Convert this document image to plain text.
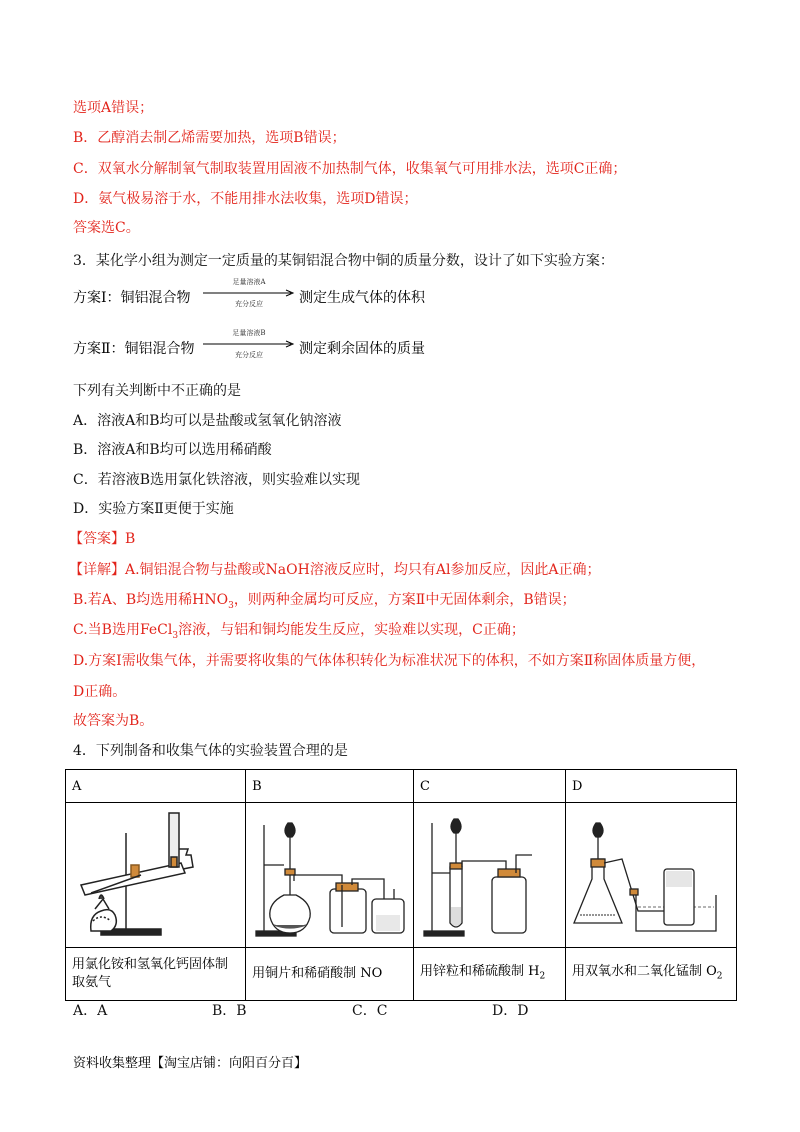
选项A错误；
B．乙醇消去制乙烯需要加热，选项B错误；
C．双氧水分解制氧气制取装置用固液不加热制气体，收集氧气可用排水法，选项C正确；
D．氨气极易溶于水，不能用排水法收集，选项D错误；
答案选C。
3．某化学小组为测定一定质量的某铜铝混合物中铜的质量分数，设计了如下实验方案：
方案Ⅰ：铜铝混合物
足量溶液A
充分反应	测定生成气体的体积
方案Ⅱ：铜铝混合物
足量溶液B
充分反应	测定剩余固体的质量
下列有关判断中不正确的是
A．溶液A和B均可以是盐酸或氢氧化钠溶液
B．溶液A和B均可以选用稀硝酸
C．若溶液B选用氯化铁溶液，则实验难以实现
D．实验方案Ⅱ更便于实施
【答案】B
【详解】A.铜铝混合物与盐酸或NaOH溶液反应时，均只有Al参加反应，因此A正确；
B.若A、B均选用稀$HNO_3$，则两种金属均可反应，方案Ⅱ中无固体剩余，B错误；
C.当B选用FeCl$_3$溶液，与铝和铜均能发生反应，实验难以实现，C正确；
D.方案Ⅰ需收集气体，并需要将收集的气体体积转化为标准状况下的体积，不如方案Ⅱ称固体质量方便，
D正确。
故答案为B。
4．下列制备和收集气体的实验装置合理的是
A	B	C	D

用氯化铵和氢氧化钙固体制取氨气	用铜片和稀硝酸制 NO	用锌粒和稀硫酸制 $H_2$	用双氧水和二氧化锰制 $O_2$
A．A	B．B	C．C	D．D
资料收集整理【淘宝店铺：向阳百分百】
